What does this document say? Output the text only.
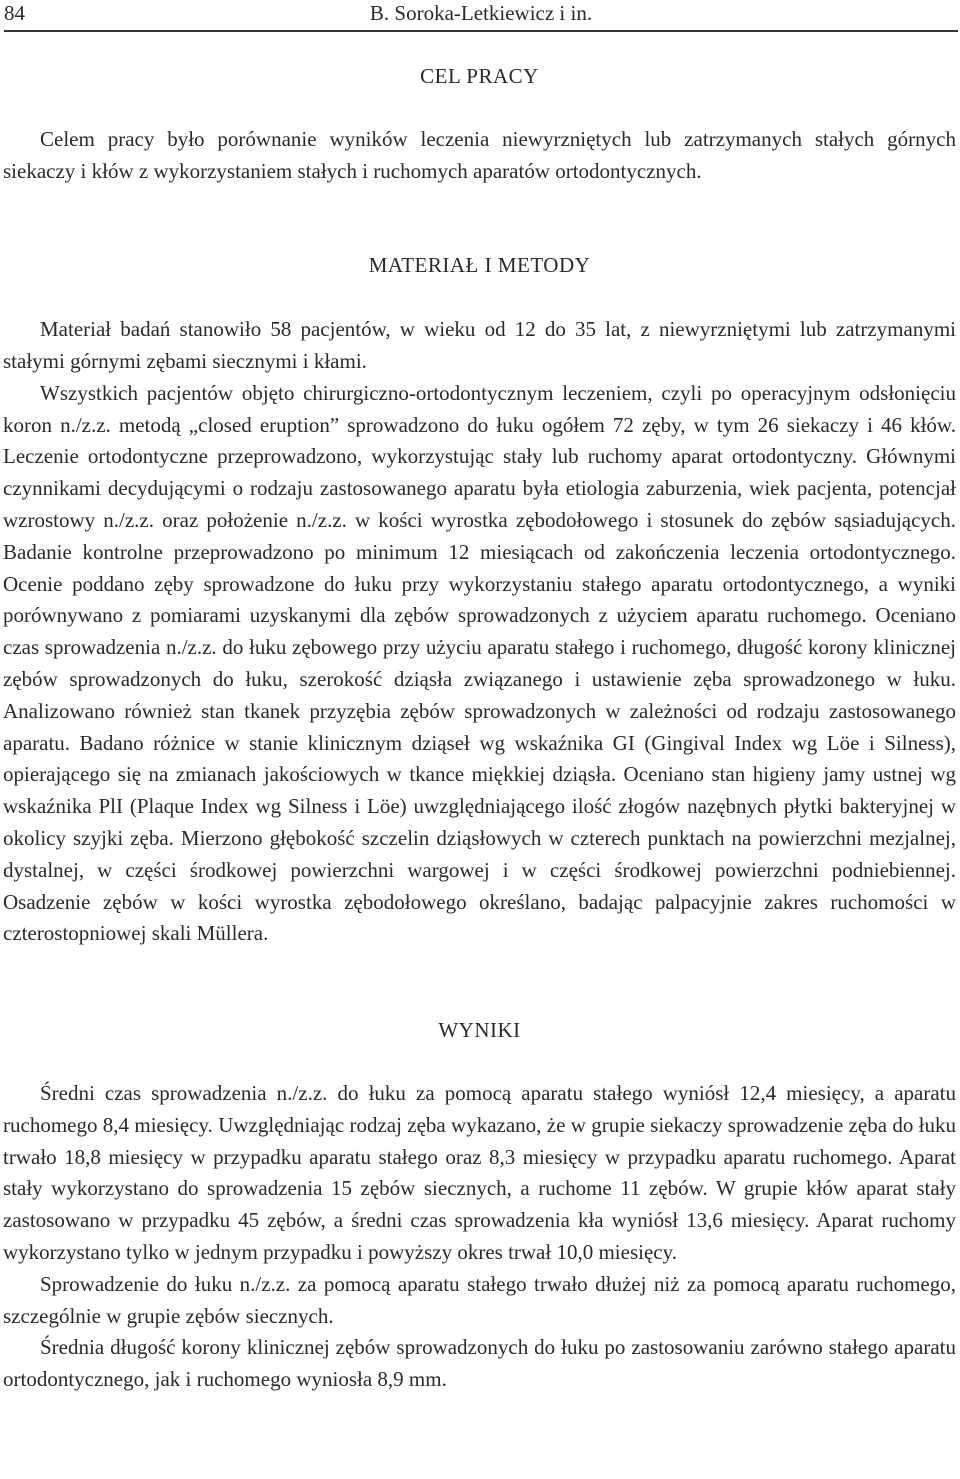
84	B. Soroka-Letkiewicz i in.
CEL PRACY

Celem pracy było porównanie wyników leczenia niewyrzniętych lub zatrzymanych stałych górnych siekaczy i kłów z wykorzystaniem stałych i ruchomych aparatów ortodontycznych.

MATERIAŁ I METODY

Materiał badań stanowiło 58 pacjentów, w wieku od 12 do 35 lat, z niewyrzniętymi lub zatrzymanymi stałymi górnymi zębami siecznymi i kłami.

Wszystkich pacjentów objęto chirurgiczno-ortodontycznym leczeniem, czyli po operacyjnym odsłonięciu koron n./z.z. metodą „closed eruption” sprowadzono do łuku ogółem 72 zęby, w tym 26 siekaczy i 46 kłów. Leczenie ortodontyczne przeprowadzono, wykorzystując stały lub ruchomy aparat ortodontyczny. Głównymi czynnikami decydującymi o rodzaju zastosowanego aparatu była etiologia zaburzenia, wiek pacjenta, potencjał wzrostowy n./z.z. oraz położenie n./z.z. w kości wyrostka zębodołowego i stosunek do zębów sąsiadujących. Badanie kontrolne przeprowadzono po minimum 12 miesiącach od zakończenia leczenia ortodontycznego. Ocenie poddano zęby sprowadzone do łuku przy wykorzystaniu stałego aparatu ortodontycznego, a wyniki porównywano z pomiarami uzyskanymi dla zębów sprowadzonych z użyciem aparatu ruchomego. Oceniano czas sprowadzenia n./z.z. do łuku zębowego przy użyciu aparatu stałego i ruchomego, długość korony klinicznej zębów sprowadzonych do łuku, szerokość dziąsła związanego i ustawienie zęba sprowadzonego w łuku. Analizowano również stan tkanek przyzębia zębów sprowadzonych w zależności od rodzaju zastosowanego aparatu. Badano różnice w stanie klinicznym dziąseł wg wskaźnika GI (Gingival Index wg Löe i Silness), opierającego się na zmianach jakościowych w tkance miękkiej dziąsła. Oceniano stan higieny jamy ustnej wg wskaźnika PlI (Plaque Index wg Silness i Löe) uwzględniającego ilość złogów nazębnych płytki bakteryjnej w okolicy szyjki zęba. Mierzono głębokość szczelin dziąsłowych w czterech punktach na powierzchni mezjalnej, dystalnej, w części środkowej powierzchni wargowej i w części środkowej powierzchni podniebiennej. Osadzenie zębów w kości wyrostka zębodołowego określano, badając palpacyjnie zakres ruchomości w czterostopniowej skali Müllera.

WYNIKI

Średni czas sprowadzenia n./z.z. do łuku za pomocą aparatu stałego wyniósł 12,4 miesięcy, a aparatu ruchomego 8,4 miesięcy. Uwzględniając rodzaj zęba wykazano, że w grupie siekaczy sprowadzenie zęba do łuku trwało 18,8 miesięcy w przypadku aparatu stałego oraz 8,3 miesięcy w przypadku aparatu ruchomego. Aparat stały wykorzystano do sprowadzenia 15 zębów siecznych, a ruchome 11 zębów. W grupie kłów aparat stały zastosowano w przypadku 45 zębów, a średni czas sprowadzenia kła wyniósł 13,6 miesięcy. Aparat ruchomy wykorzystano tylko w jednym przypadku i powyższy okres trwał 10,0 miesięcy.

Sprowadzenie do łuku n./z.z. za pomocą aparatu stałego trwało dłużej niż za pomocą aparatu ruchomego, szczególnie w grupie zębów siecznych.

Średnia długość korony klinicznej zębów sprowadzonych do łuku po zastosowaniu zarówno stałego aparatu ortodontycznego, jak i ruchomego wyniosła 8,9 mm.
